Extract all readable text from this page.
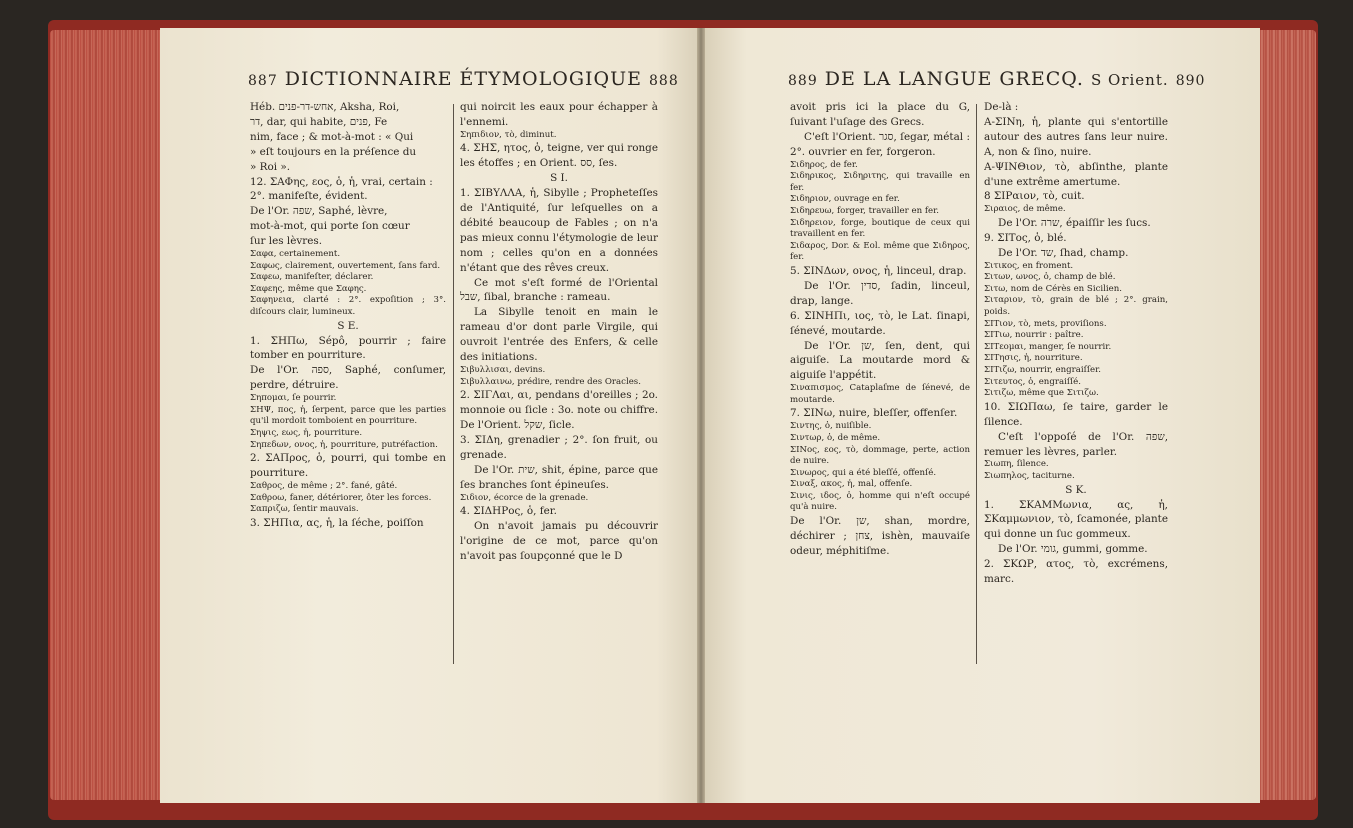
887 DICTIONNAIRE ÉTYMOLOGIQUE 888	889 DE LA LANGUE GRECQ. S Orient. 890

Héb. אחש-דר-פנים, Aksha, Roi,

דר, dar, qui habite, פנים, Fe

nim, face ; & mot-à-mot : « Qui

» eſt toujours en la préſence du

» Roi ».

12. ΣΑΦης, εος, ὁ, ἡ, vrai, certain :

2°. manifeſte, évident.

De l'Or. שפה, Saphé, lèvre,

mot-à-mot, qui porte ſon cœur

ſur les lèvres.

Σαφα, certainement.

Σαφως, clairement, ouvertement, ſans fard.

Σαφεω, manifeſter, déclarer.

Σαφεης, même que Σαφης.

Σαφηνεια, clarté : 2°. expoſition ; 3°. diſcours clair, lumineux.

S E.

1. ΣΗΠω, Sépô, pourrir ; faire tomber en pourriture.

De l'Or. ספה, Saphé, conſumer, perdre, détruire.

Σηπομαι, ſe pourrir.

ΣΗΨ, πος, ἡ, ſerpent, parce que les parties qu'il mordoit tomboient en pourriture.

Σηψις, εως, ἡ, pourriture.

Σηπεδων, ονος, ἡ, pourriture, putréfaction.

2. ΣΑΠρος, ὁ, pourri, qui tombe en pourriture.

Σαθρος, de même ; 2°. fané, gâté.

Σαθροω, faner, détériorer, ôter les forces.

Σαπριζω, ſentir mauvais.

3. ΣΗΠια, ας, ἡ, la ſéche, poiſſon

qui noircit les eaux pour échapper à l'ennemi.

Σηπιδιον, τὸ, diminut.

4. ΣΗΣ, ητος, ὁ, teigne, ver qui ronge les étoffes ; en Orient. סס, ſes.

S I.

1. ΣΙΒΥΛΛΑ, ἡ, Sibylle ; Propheteſſes de l'Antiquité, ſur leſquelles on a débité beaucoup de Fables ; on n'a pas mieux connu l'étymologie de leur nom ; celles qu'on en a données n'étant que des rêves creux.

Ce mot s'eſt formé de l'Oriental שבל, ſibal, branche : rameau.

La Sibylle tenoit en main le rameau d'or dont parle Virgile, qui ouvroit l'entrée des Enfers, & celle des initiations.

Σιβυλλισαι, devins.

Σιβυλλαινω, prédire, rendre des Oracles.

2. ΣΙΓΛαι, αι, pendans d'oreilles ; 2o. monnoie ou ſicle : 3o. note ou chiffre. De l'Orient. שקל, ſicle.

3. ΣΙΔη, grenadier ; 2°. ſon fruit, ou grenade.

De l'Or. שית, shit, épine, parce que ſes branches ſont épineuſes.

Σιδιον, écorce de la grenade.

4. ΣΙΔΗΡος, ὁ, fer.

On n'avoit jamais pu découvrir l'origine de ce mot, parce qu'on n'avoit pas ſoupçonné que le D

avoit pris ici la place du G, ſuivant l'uſage des Grecs.

C'eſt l'Orient. סגר, ſegar, métal : 2°. ouvrier en fer, forgeron.

Σιδηρος, de fer.

Σιδηρικος, Σιδηριτης, qui travaille en fer.

Σιδηριον, ouvrage en fer.

Σιδηρευω, forger, travailler en fer.

Σιδηρειον, forge, boutique de ceux qui travaillent en fer.

Σιδαρος, Dor. & Eol. même que Σιδηρος, fer.

5. ΣΙΝΔων, ονος, ἡ, linceul, drap.

De l'Or. סדין, ſadin, linceul, drap, lange.

6. ΣΙΝΗΠι, ιος, τὸ, le Lat. ſinapi, ſénevé, moutarde.

De l'Or. שן, ſen, dent, qui aiguiſe. La moutarde mord & aiguiſe l'appétit.

Σιναπισμος, Cataplaſme de ſénevé, de moutarde.

7. ΣΙΝω, nuire, bleſſer, offenſer.

Σιντης, ὁ, nuiſible.

Σιντωρ, ὁ, de même.

ΣΙΝος, εος, τὸ, dommage, perte, action de nuire.

Σινωρος, qui a été bleſſé, offenſé.

Σιναξ, ακος, ἡ, mal, offenſe.

Σινις, ιδος, ὁ, homme qui n'eſt occupé qu'à nuire.

De l'Or. שן, shan, mordre, déchirer ; צחן, ishèn, mauvaiſe odeur, méphitiſme.

De-là :

Α-ΣΙΝη, ἡ, plante qui s'entortille autour des autres ſans leur nuire. A, non & ſino, nuire.

Α-ΨΙΝΘιον, τὸ, abſinthe, plante d'une extrême amertume.

8 ΣΙΡαιον, τὸ, cuit.

Σιραιος, de même.

De l'Or. שרה, épaiſſir les ſucs.

9. ΣΙΤος, ὁ, blé.

De l'Or. שד, ſhad, champ.

Σιτικος, en froment.

Σιτων, ωνος, ὁ, champ de blé.

Σιτω, nom de Cérès en Sicilien.

Σιταριον, τὸ, grain de blé ; 2°. grain, poids.

ΣΙΤιον, τὸ, mets, proviſions.

ΣΙΤιω, nourrir : paître.

ΣΙΤεομαι, manger, ſe nourrir.

ΣΙΤησις, ἡ, nourriture.

ΣΙΤιζω, nourrir, engraiſſer.

Σιτευτος, ὁ, engraiſſé.

Σιτιζω, même que Σιτιζω.

10. ΣΙΩΠαω, ſe taire, garder le ſilence.

C'eſt l'oppoſé de l'Or. שפה, remuer les lèvres, parler.

Σιωπη, ſilence.

Σιωπηλος, taciturne.

S K.

1. ΣΚΑΜΜωνια, ας, ἡ, ΣΚαμμωνιον, τὸ, ſcamonée, plante qui donne un ſuc gommeux.

De l'Or. גומי, gummi, gomme.

2. ΣΚΩΡ, ατος, τὸ, excrémens, marc.
